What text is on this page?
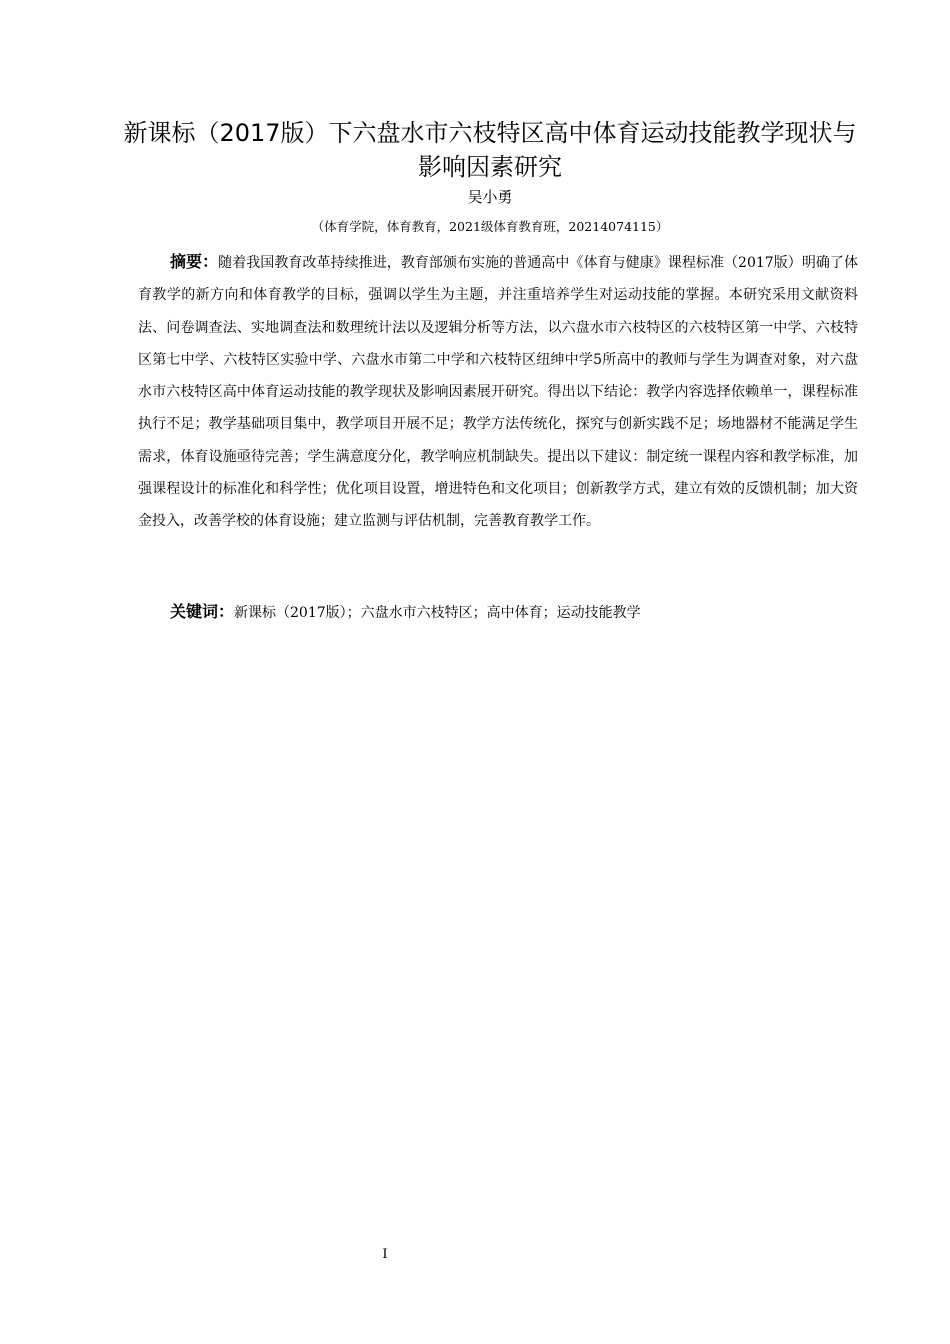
新课标（2017版）下六盘水市六枝特区高中体育运动技能教学现状与影响因素研究
吴小勇
（体育学院，体育教育，2021级体育教育班，20214074115）

摘要：随着我国教育改革持续推进，教育部颁布实施的普通高中《体育与健康》课程标准（2017版）明确了体育教学的新方向和体育教学的目标，强调以学生为主题，并注重培养学生对运动技能的掌握。本研究采用文献资料法、问卷调查法、实地调查法和数理统计法以及逻辑分析等方法，以六盘水市六枝特区的六枝特区第一中学、六枝特区第七中学、六枝特区实验中学、六盘水市第二中学和六枝特区纽绅中学5所高中的教师与学生为调查对象，对六盘水市六枝特区高中体育运动技能的教学现状及影响因素展开研究。得出以下结论：教学内容选择依赖单一，课程标准执行不足；教学基础项目集中，教学项目开展不足；教学方法传统化，探究与创新实践不足；场地器材不能满足学生需求，体育设施亟待完善；学生满意度分化，教学响应机制缺失。提出以下建议：制定统一课程内容和教学标准，加强课程设计的标准化和科学性；优化项目设置，增进特色和文化项目；创新教学方式，建立有效的反馈机制；加大资金投入，改善学校的体育设施；建立监测与评估机制，完善教育教学工作。

关键词：新课标（2017版）；六盘水市六枝特区；高中体育；运动技能教学

I
